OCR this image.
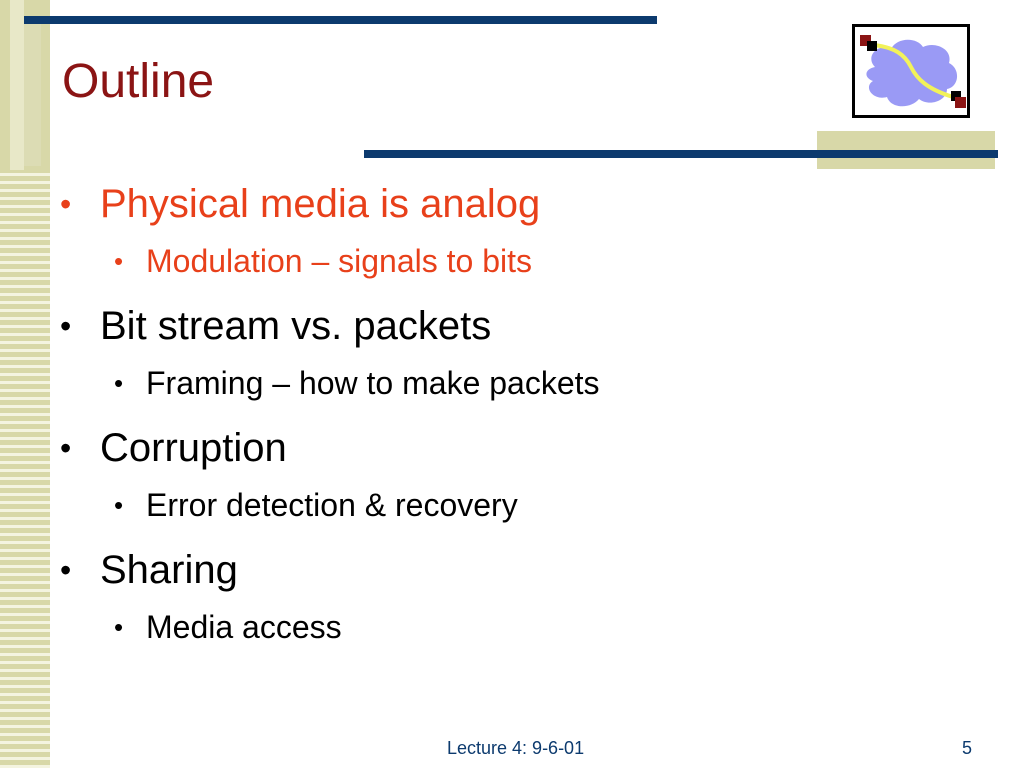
Outline
• Physical media is analog
• Modulation – signals to bits
• Bit stream vs. packets
• Framing – how to make packets
• Corruption
• Error detection & recovery
• Sharing
• Media access
Lecture 4: 9-6-01	5
